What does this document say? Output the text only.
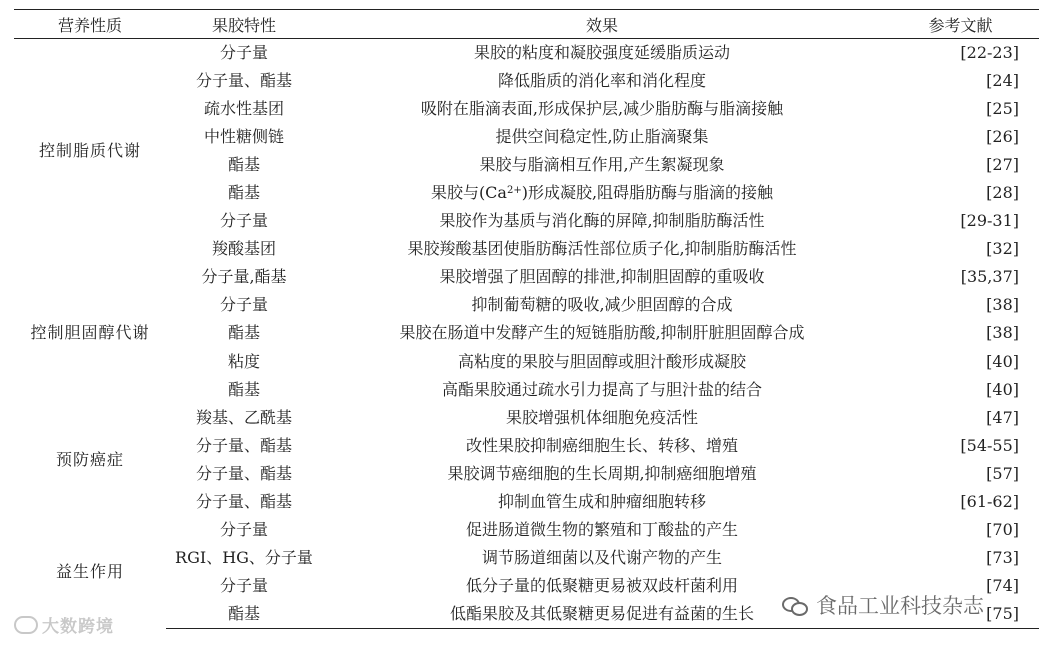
营养性质	果胶特性	效果	参考文献
控制脂质代谢	分子量	果胶的粘度和凝胶强度延缓脂质运动	[22-23]
	分子量、酯基	降低脂质的消化率和消化程度	[24]
	疏水性基团	吸附在脂滴表面,形成保护层,减少脂肪酶与脂滴接触	[25]
	中性糖侧链	提供空间稳定性,防止脂滴聚集	[26]
	酯基	果胶与脂滴相互作用,产生絮凝现象	[27]
	酯基	果胶与$(Ca^{2+})$形成凝胶,阻碍脂肪酶与脂滴的接触	[28]
	分子量	果胶作为基质与消化酶的屏障,抑制脂肪酶活性	[29-31]
	羧酸基团	果胶羧酸基团使脂肪酶活性部位质子化,抑制脂肪酶活性	[32]
控制胆固醇代谢	分子量,酯基	果胶增强了胆固醇的排泄,抑制胆固醇的重吸收	[35,37]
	分子量	抑制葡萄糖的吸收,减少胆固醇的合成	[38]
	酯基	果胶在肠道中发酵产生的短链脂肪酸,抑制肝脏胆固醇合成	[38]
	粘度	高粘度的果胶与胆固醇或胆汁酸形成凝胶	[40]
	酯基	高酯果胶通过疏水引力提高了与胆汁盐的结合	[40]
预防癌症	羧基、乙酰基	果胶增强机体细胞免疫活性	[47]
	分子量、酯基	改性果胶抑制癌细胞生长、转移、增殖	[54-55]
	分子量、酯基	果胶调节癌细胞的生长周期,抑制癌细胞增殖	[57]
	分子量、酯基	抑制血管生成和肿瘤细胞转移	[61-62]
益生作用	分子量	促进肠道微生物的繁殖和丁酸盐的产生	[70]
	RGI、HG、分子量	调节肠道细菌以及代谢产物的产生	[73]
	分子量	低分子量的低聚糖更易被双歧杆菌利用	[74]
	酯基	低酯果胶及其低聚糖更易促进有益菌的生长	[75]
大数跨境
食品工业科技杂志
